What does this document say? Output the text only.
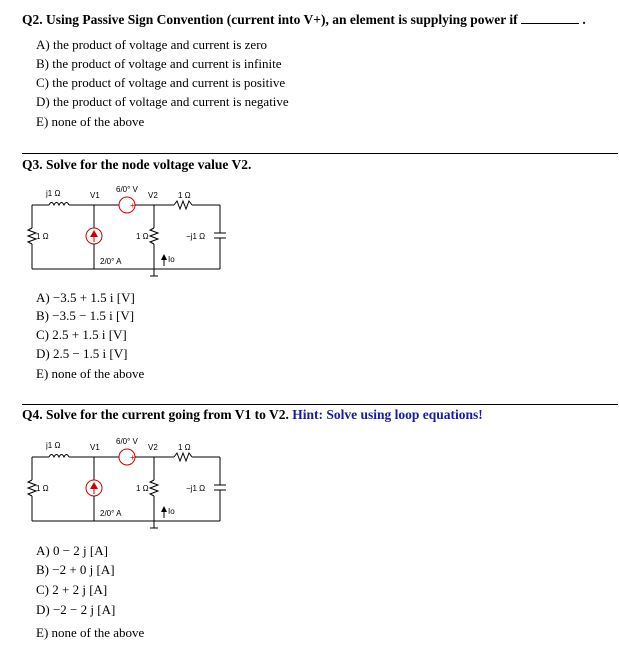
Q2. Using Passive Sign Convention (current into V+), an element is supplying power if	.
A) the product of voltage and current is zero
B) the product of voltage and current is infinite
C) the product of voltage and current is positive
D) the product of voltage and current is negative
E) none of the above
Q3. Solve for the node voltage value V2.
+
j1 Ω	V1
6/0° V
V2	1 Ω
1 Ω	1 Ω	−j1 Ω
2/0° A	Io
A) −3.5 + 1.5 i [V]
B) −3.5 − 1.5 i [V]
C) 2.5 + 1.5 i [V]
D) 2.5 − 1.5 i [V]
E) none of the above
Q4. Solve for the current going from V1 to V2. Hint: Solve using loop equations!
+
j1 Ω	V1
6/0° V
V2	1 Ω
1 Ω	1 Ω	−j1 Ω
2/0° A	Io
A) 0 − 2 j [A]
B) −2 + 0 j [A]
C) 2 + 2 j [A]
D) −2 − 2 j [A]
E) none of the above
